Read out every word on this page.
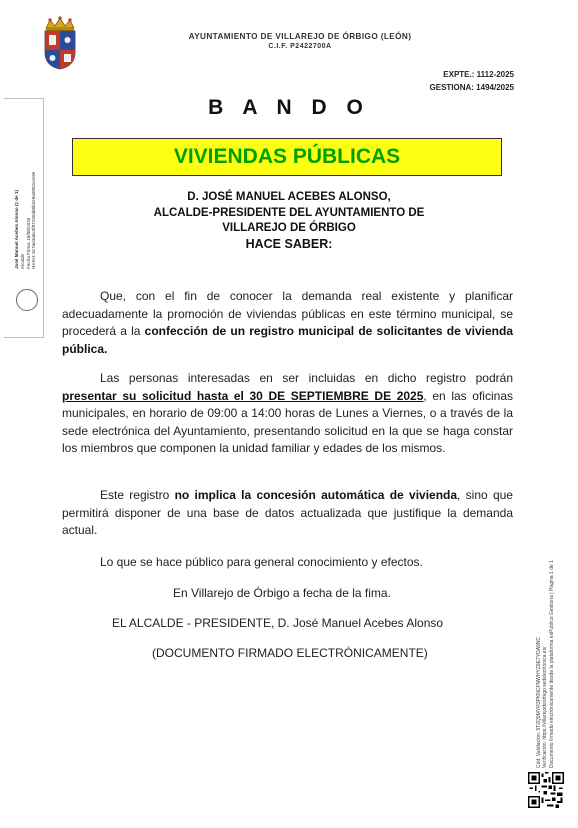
AYUNTAMIENTO DE VILLAREJO DE ÓRBIGO (LEÓN)
C.I.F. P2422700A
EXPTE.: 1112-2025
GESTIONA: 1494/2025
B A N D O
VIVIENDAS PÚBLICAS
D. JOSÉ MANUEL ACEBES ALONSO,
ALCALDE-PRESIDENTE DEL AYUNTAMIENTO DE
VILLAREJO DE ÓRBIGO
HACE SABER:
Que, con el fin de conocer la demanda real existente y planificar adecuadamente la promoción de viviendas públicas en este término municipal, se procederá a la confección de un registro municipal de solicitantes de vivienda pública.
Las personas interesadas en ser incluidas en dicho registro podrán presentar su solicitud hasta el 30 DE SEPTIEMBRE DE 2025, en las oficinas municipales, en horario de 09:00 a 14:00 horas de Lunes a Viernes, o a través de la sede electrónica del Ayuntamiento, presentando solicitud en la que se haga constar los miembros que componen la unidad familiar y edades de los mismos.
Este registro no implica la concesión automática de vivienda, sino que permitirá disponer de una base de datos actualizada que justifique la demanda actual.
Lo que se hace público para general conocimiento y efectos.
En Villarejo de Órbigo a fecha de la fima.
EL ALCALDE - PRESIDENTE, D. José Manuel Acebes Alonso
(DOCUMENTO FIRMADO ELECTRÓNICAMENTE)
José Manuel Acebes Alonso (1 de 1) Alcalde Fecha Firma: 18/08/2025 HASH: 6c7ae3a6c3f97230ab6b2e9a0982cec9e
Cód. Validación: 9T2Q9MYR3PKNCFNWHYZ9E7YDA9NC Verificación: https://villarejodeorbigo.sedelectronica.es/ Documento firmado electrónicamente desde la plataforma esPublico Gestiona | Página 1 de 1
